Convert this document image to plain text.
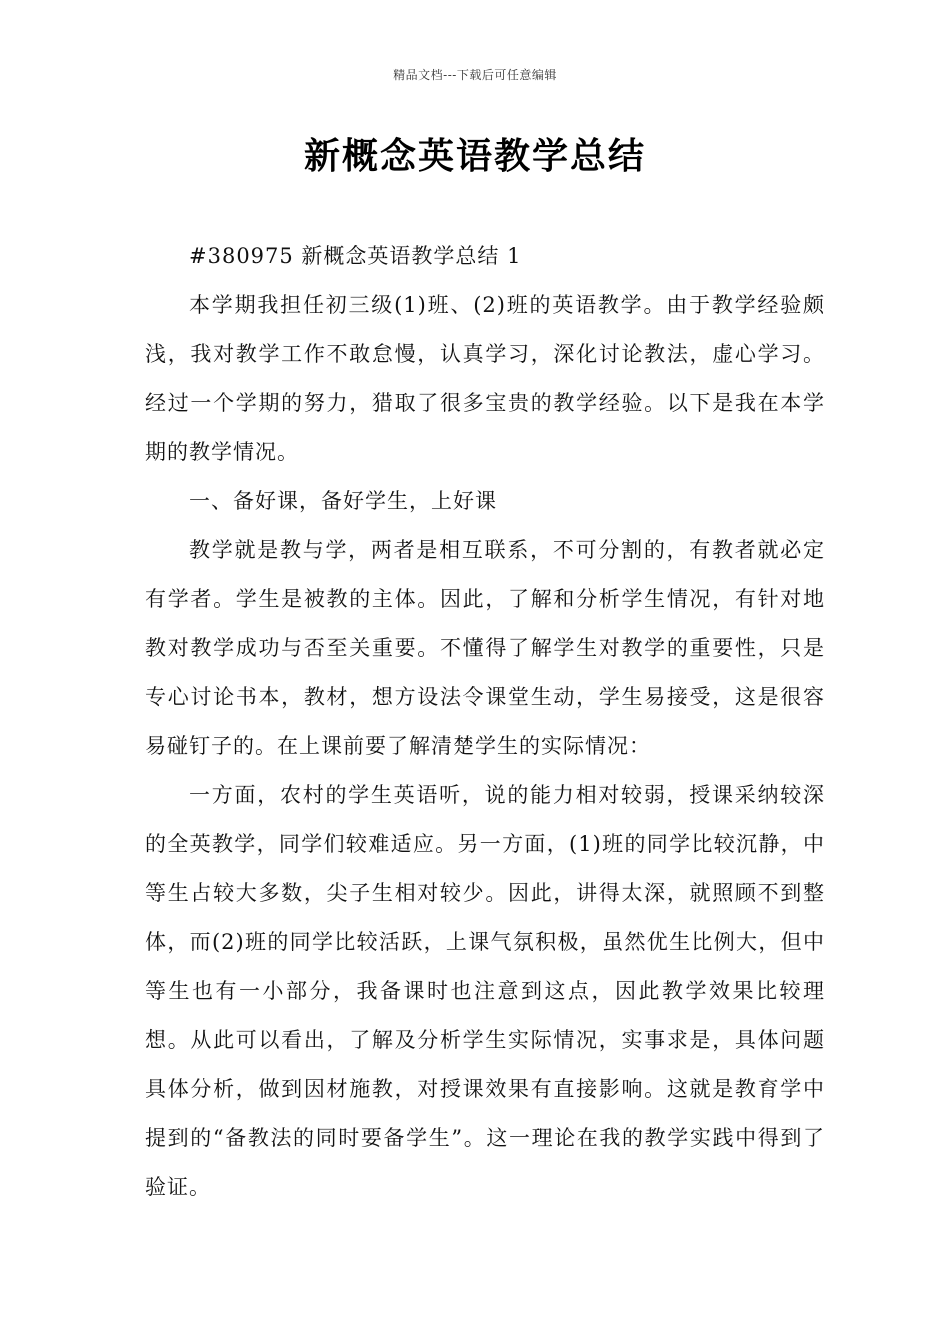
精品文档---下载后可任意编辑
新概念英语教学总结

#380975 新概念英语教学总结 1

本学期我担任初三级(1)班、(2)班的英语教学。由于教学经验颇浅，我对教学工作不敢怠慢，认真学习，深化讨论教法，虚心学习。经过一个学期的努力，猎取了很多宝贵的教学经验。以下是我在本学期的教学情况。

一、备好课，备好学生，上好课

教学就是教与学，两者是相互联系，不可分割的，有教者就必定有学者。学生是被教的主体。因此，了解和分析学生情况，有针对地教对教学成功与否至关重要。不懂得了解学生对教学的重要性，只是专心讨论书本，教材，想方设法令课堂生动，学生易接受，这是很容易碰钉子的。在上课前要了解清楚学生的实际情况：

一方面，农村的学生英语听，说的能力相对较弱，授课采纳较深的全英教学，同学们较难适应。另一方面，(1)班的同学比较沉静，中等生占较大多数，尖子生相对较少。因此，讲得太深，就照顾不到整体，而(2)班的同学比较活跃，上课气氛积极，虽然优生比例大，但中等生也有一小部分，我备课时也注意到这点，因此教学效果比较理想。从此可以看出，了解及分析学生实际情况，实事求是，具体问题具体分析，做到因材施教，对授课效果有直接影响。这就是教育学中提到的“备教法的同时要备学生”。这一理论在我的教学实践中得到了验证。
